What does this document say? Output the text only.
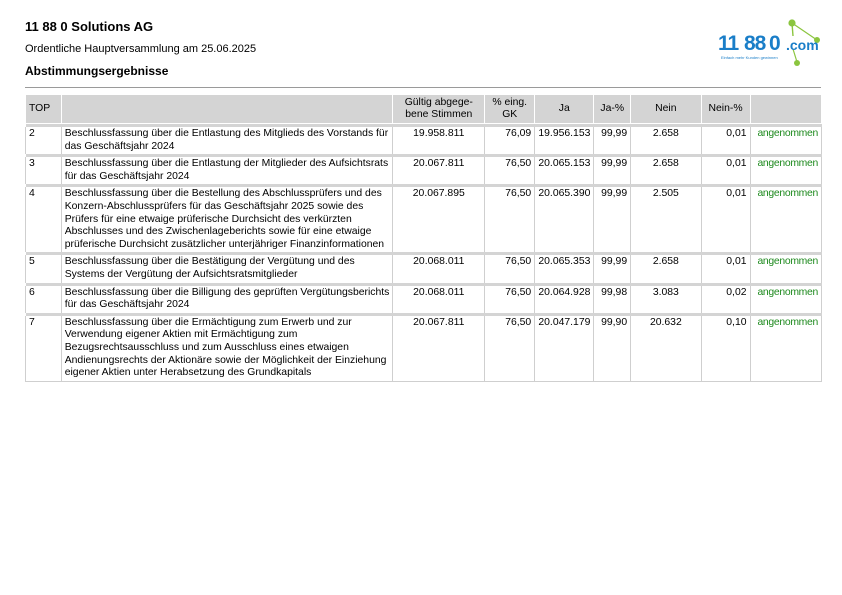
11 88 0 Solutions AG
Ordentliche Hauptversammlung am 25.06.2025
Abstimmungsergebnisse
11 88 0 .com
Einfach mehr Kunden gewinnen
TOP		Gültig abgege-
bene Stimmen	% eing.
GK	Ja	Ja-%	Nein	Nein-%	

2	Beschlussfassung über die Entlastung des Mitglieds des Vorstands für das Geschäftsjahr 2024	19.958.811	76,09	19.956.153	99,99	2.658	0,01	angenommen

3	Beschlussfassung über die Entlastung der Mitglieder des Aufsichtsrats für das Geschäftsjahr 2024	20.067.811	76,50	20.065.153	99,99	2.658	0,01	angenommen

4	Beschlussfassung über die Bestellung des Abschlussprüfers und des Konzern-Abschlussprüfers für das Geschäftsjahr 2025 sowie des Prüfers für eine etwaige prüferische Durchsicht des verkürzten Abschlusses und des Zwischenlageberichts sowie für eine etwaige prüferische Durchsicht zusätzlicher unterjähriger Finanzinformationen	20.067.895	76,50	20.065.390	99,99	2.505	0,01	angenommen

5	Beschlussfassung über die Bestätigung der Vergütung und des Systems der Vergütung der Aufsichtsratsmitglieder	20.068.011	76,50	20.065.353	99,99	2.658	0,01	angenommen

6	Beschlussfassung über die Billigung des geprüften Vergütungsberichts für das Geschäftsjahr 2024	20.068.011	76,50	20.064.928	99,98	3.083	0,02	angenommen

7	Beschlussfassung über die Ermächtigung zum Erwerb und zur Verwendung eigener Aktien mit Ermächtigung zum Bezugsrechtsausschluss und zum Ausschluss eines etwaigen Andienungsrechts der Aktionäre sowie der Möglichkeit der Einziehung eigener Aktien unter Herabsetzung des Grundkapitals	20.067.811	76,50	20.047.179	99,90	20.632	0,10	angenommen
